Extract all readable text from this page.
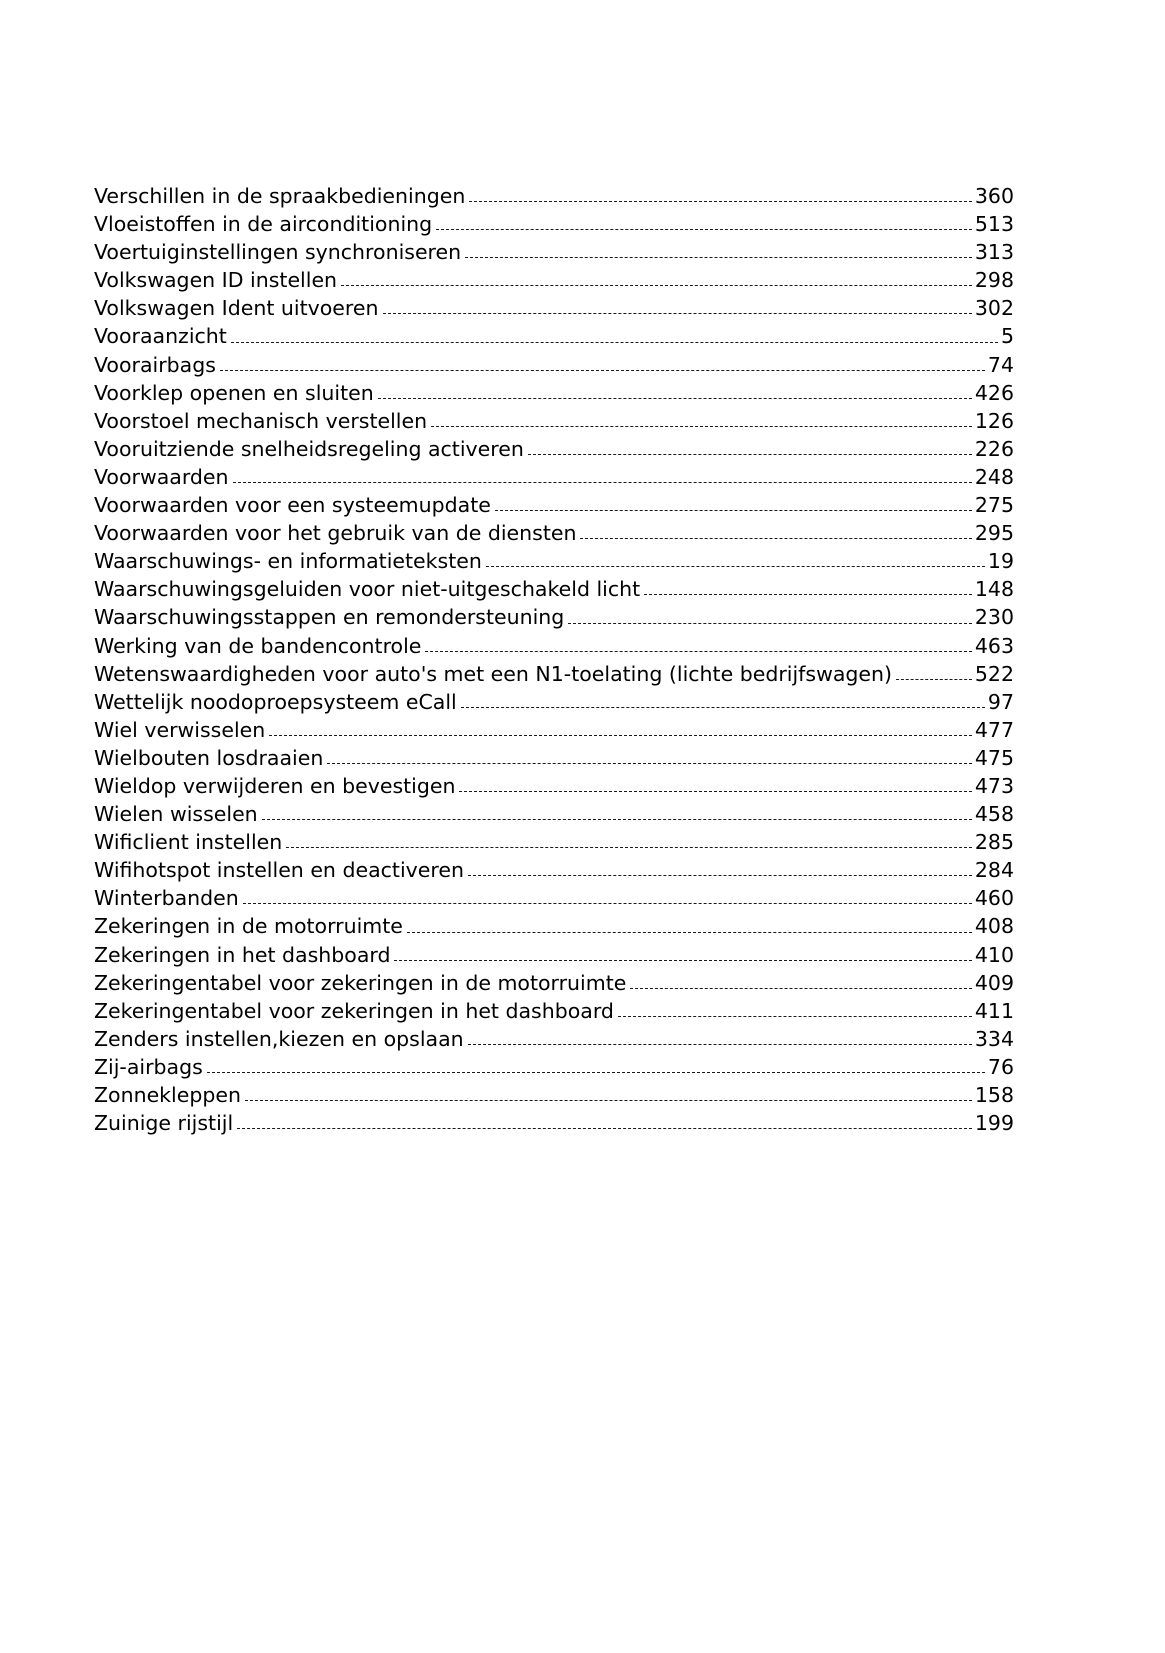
Verschillen in de spraakbedieningen	360
Vloeistoffen in de airconditioning	513
Voertuiginstellingen synchroniseren	313
Volkswagen ID instellen	298
Volkswagen Ident uitvoeren	302
Vooraanzicht	5
Voorairbags	74
Voorklep openen en sluiten	426
Voorstoel mechanisch verstellen	126
Vooruitziende snelheidsregeling activeren	226
Voorwaarden	248
Voorwaarden voor een systeemupdate	275
Voorwaarden voor het gebruik van de diensten	295
Waarschuwings- en informatieteksten	19
Waarschuwingsgeluiden voor niet-uitgeschakeld licht	148
Waarschuwingsstappen en remondersteuning	230
Werking van de bandencontrole	463
Wetenswaardigheden voor auto's met een N1-toelating (lichte bedrijfswagen)	522
Wettelijk noodoproepsysteem eCall	97
Wiel verwisselen	477
Wielbouten losdraaien	475
Wieldop verwijderen en bevestigen	473
Wielen wisselen	458
Wificlient instellen	285
Wifihotspot instellen en deactiveren	284
Winterbanden	460
Zekeringen in de motorruimte	408
Zekeringen in het dashboard	410
Zekeringentabel voor zekeringen in de motorruimte	409
Zekeringentabel voor zekeringen in het dashboard	411
Zenders instellen,kiezen en opslaan	334
Zij-airbags	76
Zonnekleppen	158
Zuinige rijstijl	199
